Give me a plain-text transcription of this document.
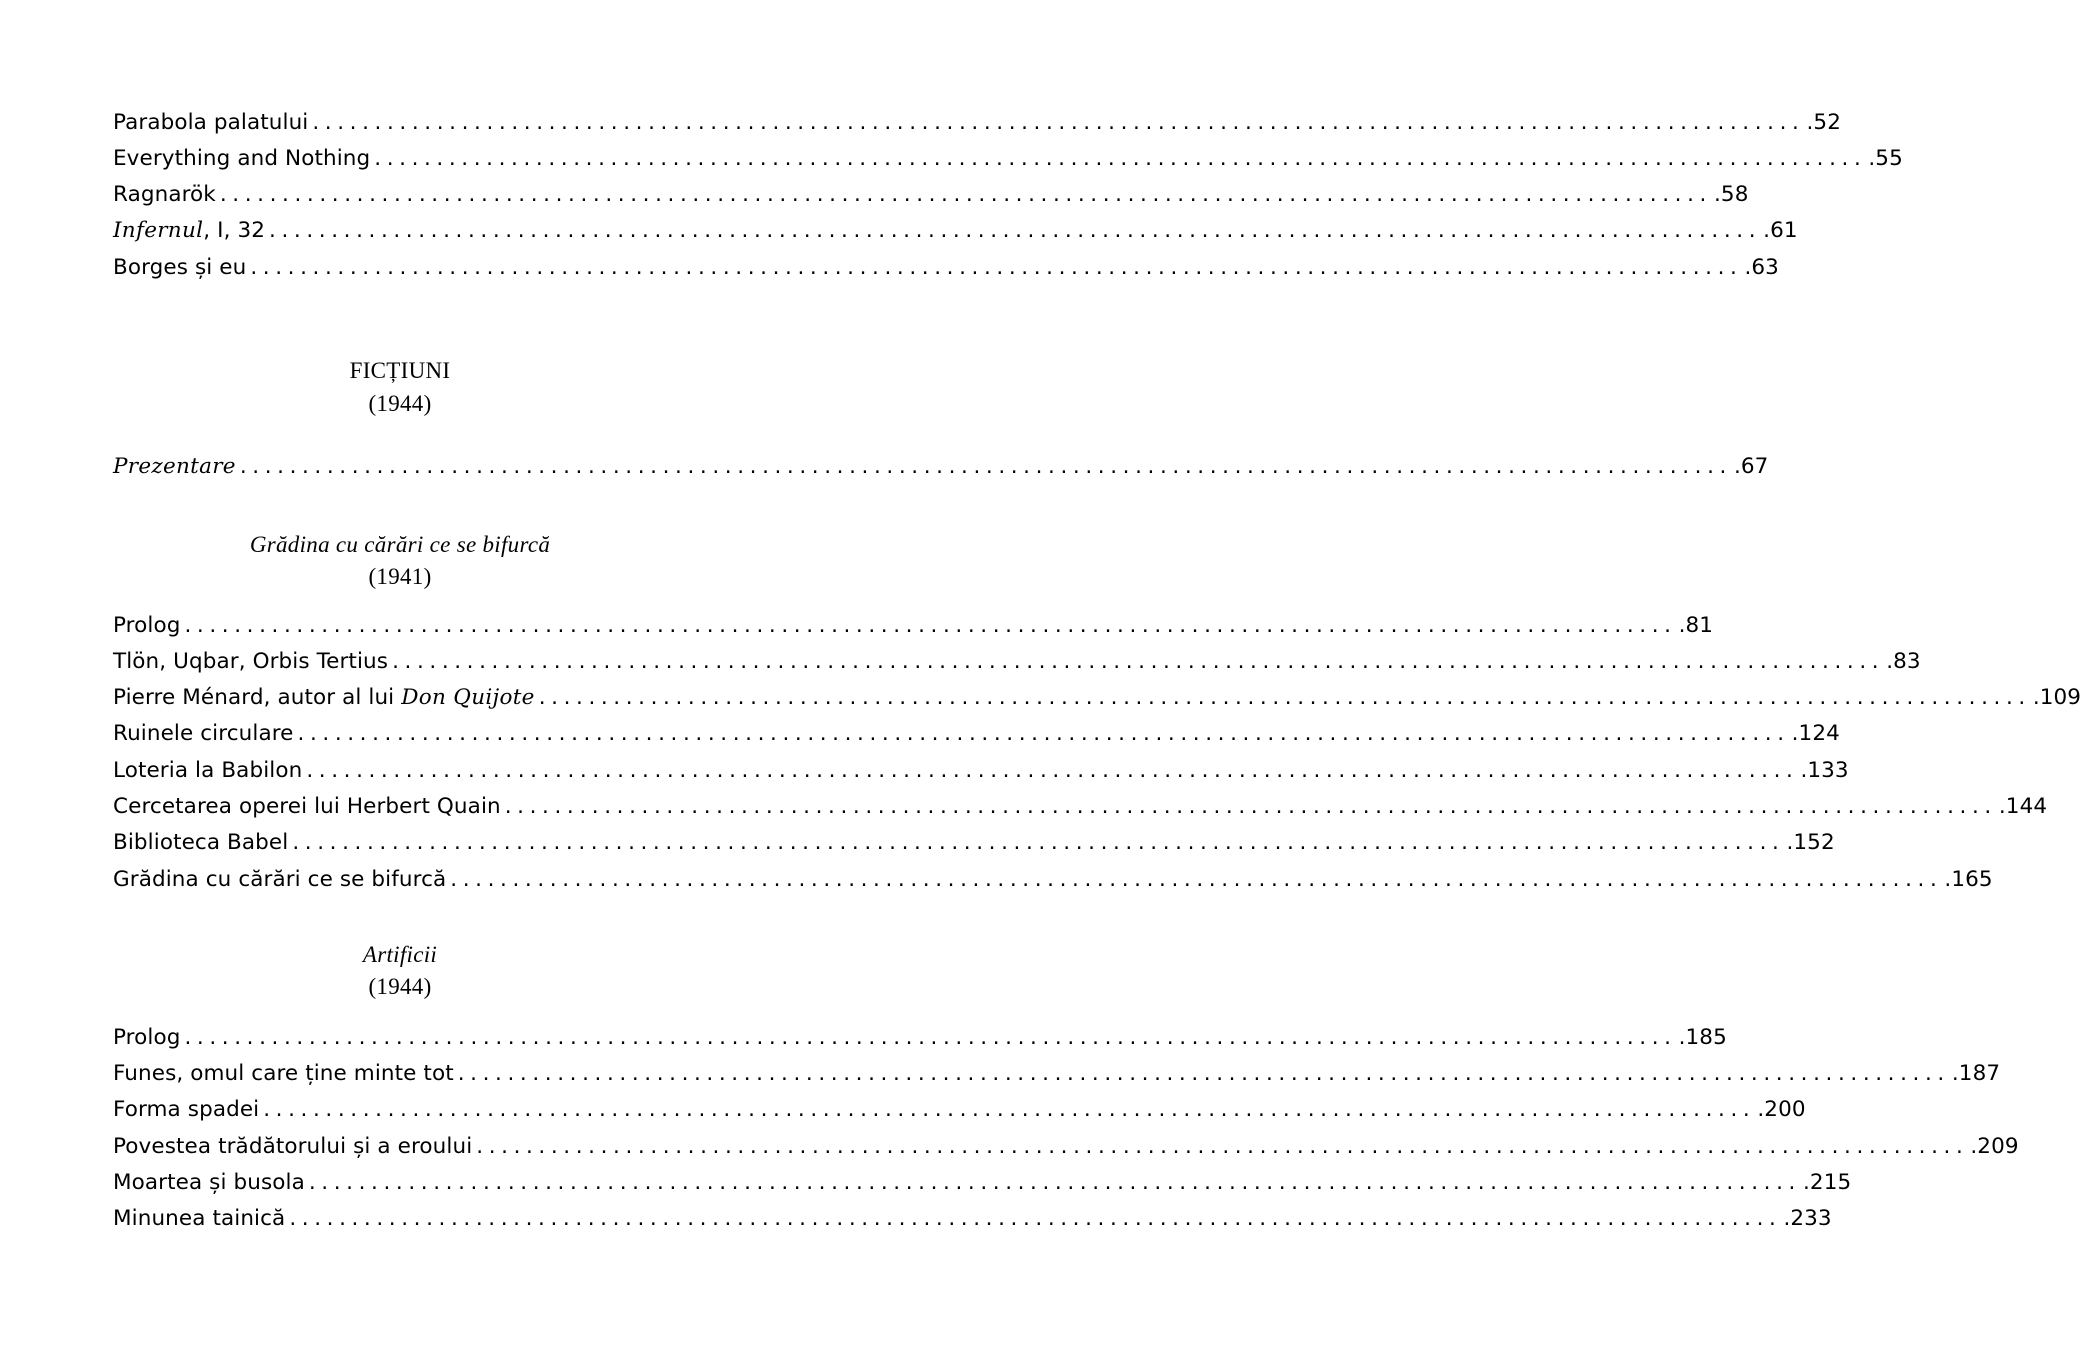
Parabola palatului ........................................................................................................................ .52
Everything and Nothing ........................................................................................................................ .55
Ragnarök ........................................................................................................................ .58
Infernul, I, 32 ........................................................................................................................ .61
Borges și eu ........................................................................................................................ .63
FICȚIUNI
(1944)
Prezentare ........................................................................................................................ .67
Grădina cu cărări ce se bifurcă
(1941)
Prolog ........................................................................................................................ .81
Tlön, Uqbar, Orbis Tertius ........................................................................................................................ .83
Pierre Ménard, autor al lui Don Quijote ........................................................................................................................ .109
Ruinele circulare ........................................................................................................................ .124
Loteria la Babilon ........................................................................................................................ .133
Cercetarea operei lui Herbert Quain ........................................................................................................................ .144
Biblioteca Babel ........................................................................................................................ .152
Grădina cu cărări ce se bifurcă ........................................................................................................................ .165
Artificii
(1944)
Prolog ........................................................................................................................ .185
Funes, omul care ține minte tot ........................................................................................................................ .187
Forma spadei ........................................................................................................................ .200
Povestea trădătorului și a eroului ........................................................................................................................ .209
Moartea și busola ........................................................................................................................ .215
Minunea tainică ........................................................................................................................ .233
